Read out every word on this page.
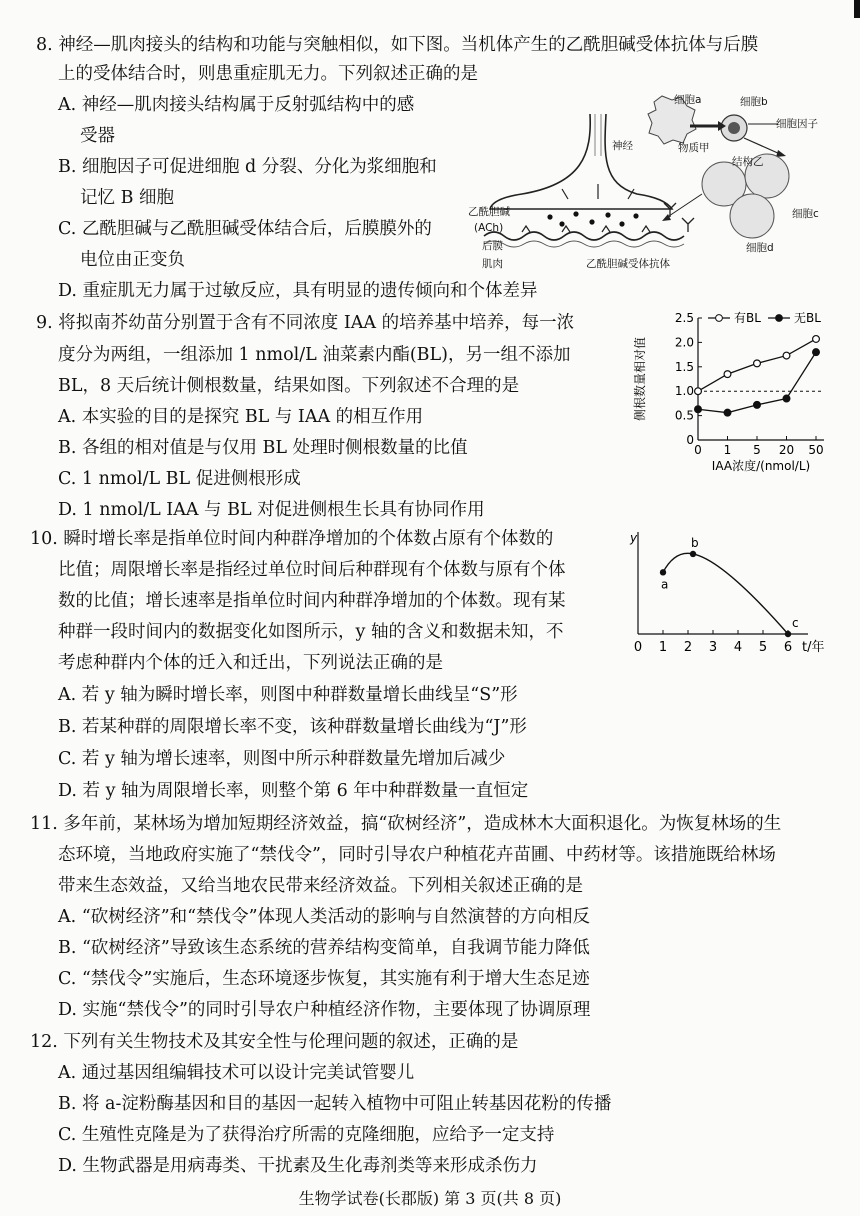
8. 神经—肌肉接头的结构和功能与突触相似，如下图。当机体产生的乙酰胆碱受体抗体与后膜
上的受体结合时，则患重症肌无力。下列叙述正确的是
A. 神经—肌肉接头结构属于反射弧结构中的感
受器
B. 细胞因子可促进细胞 d 分裂、分化为浆细胞和
记忆 B 细胞
C. 乙酰胆碱与乙酰胆碱受体结合后，后膜膜外的
电位由正变负
D. 重症肌无力属于过敏反应，具有明显的遗传倾向和个体差异
细胞a	细胞b
细胞因子
神经	物质甲
结构乙
细胞c
细胞d
乙酰胆碱
(ACh)
后膜
肌肉	乙酰胆碱受体抗体
9. 将拟南芥幼苗分别置于含有不同浓度 IAA 的培养基中培养，每一浓
度分为两组，一组添加 1 nmol/L 油菜素内酯(BL)，另一组不添加
BL，8 天后统计侧根数量，结果如图。下列叙述不合理的是
A. 本实验的目的是探究 BL 与 IAA 的相互作用
B. 各组的相对值是与仅用 BL 处理时侧根数量的比值
C. 1 nmol/L BL 促进侧根形成
D. 1 nmol/L IAA 与 BL 对促进侧根生长具有协同作用
0
0.5
1.0
1.5
2.0
2.5
0 1 5 20 50
IAA浓度/(nmol/L)
侧根数量相对值
有BL	无BL
10. 瞬时增长率是指单位时间内种群净增加的个体数占原有个体数的
比值；周限增长率是指经过单位时间后种群现有个体数与原有个体
数的比值；增长速率是指单位时间内种群净增加的个体数。现有某
种群一段时间内的数据变化如图所示，y 轴的含义和数据未知，不
考虑种群内个体的迁入和迁出，下列说法正确的是
A. 若 y 轴为瞬时增长率，则图中种群数量增长曲线呈“S”形
B. 若某种群的周限增长率不变，该种群数量增长曲线为“J”形
C. 若 y 轴为增长速率，则图中所示种群数量先增加后减少
D. 若 y 轴为周限增长率，则整个第 6 年中种群数量一直恒定
y
0 1 2 3 4 5 6 t/年
a
b
c
11. 多年前，某林场为增加短期经济效益，搞“砍树经济”，造成林木大面积退化。为恢复林场的生
态环境，当地政府实施了“禁伐令”，同时引导农户种植花卉苗圃、中药材等。该措施既给林场
带来生态效益，又给当地农民带来经济效益。下列相关叙述正确的是
A. “砍树经济”和“禁伐令”体现人类活动的影响与自然演替的方向相反
B. “砍树经济”导致该生态系统的营养结构变简单，自我调节能力降低
C. “禁伐令”实施后，生态环境逐步恢复，其实施有利于增大生态足迹
D. 实施“禁伐令”的同时引导农户种植经济作物，主要体现了协调原理
12. 下列有关生物技术及其安全性与伦理问题的叙述，正确的是
A. 通过基因组编辑技术可以设计完美试管婴儿
B. 将 a-淀粉酶基因和目的基因一起转入植物中可阻止转基因花粉的传播
C. 生殖性克隆是为了获得治疗所需的克隆细胞，应给予一定支持
D. 生物武器是用病毒类、干扰素及生化毒剂类等来形成杀伤力
生物学试卷(长郡版) 第 3 页(共 8 页)
